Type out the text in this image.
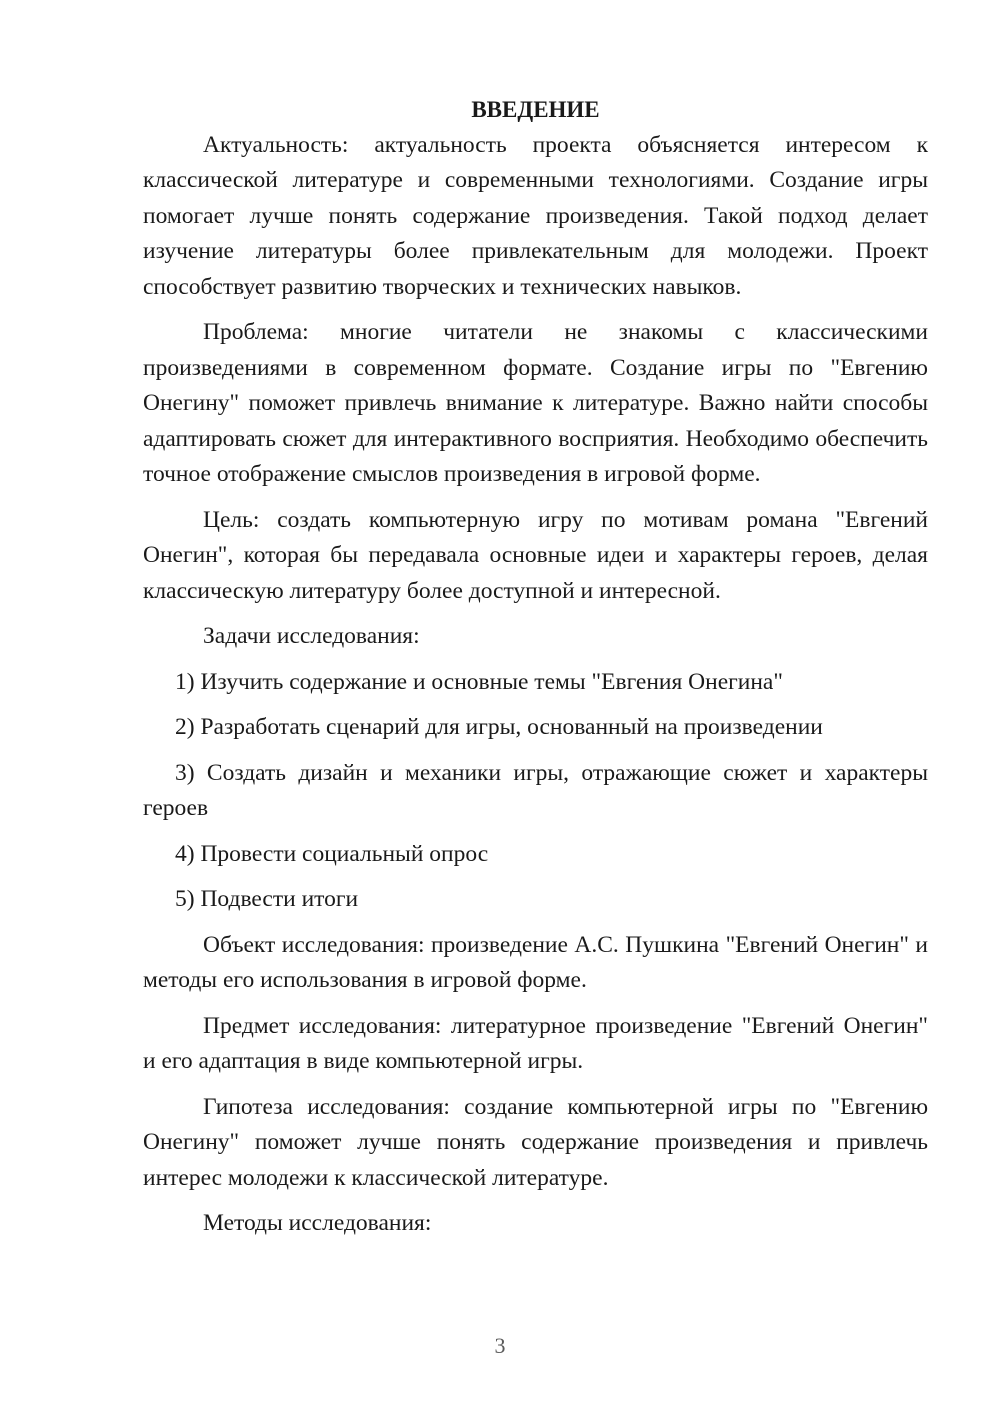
ВВЕДЕНИЕ

Актуальность: актуальность проекта объясняется интересом к классической литературе и современными технологиями. Создание игры помогает лучше понять содержание произведения. Такой подход делает изучение литературы более привлекательным для молодежи. Проект способствует развитию творческих и технических навыков.

Проблема: многие читатели не знакомы с классическими произведениями в современном формате. Создание игры по "Евгению Онегину" поможет привлечь внимание к литературе. Важно найти способы адаптировать сюжет для интерактивного восприятия. Необходимо обеспечить точное отображение смыслов произведения в игровой форме.

Цель: создать компьютерную игру по мотивам романа "Евгений Онегин", которая бы передавала основные идеи и характеры героев, делая классическую литературу более доступной и интересной.

Задачи исследования:

1) Изучить содержание и основные темы "Евгения Онегина"

2) Разработать сценарий для игры, основанный на произведении

3) Создать дизайн и механики игры, отражающие сюжет и характеры героев

4) Провести социальный опрос

5) Подвести итоги

Объект исследования: произведение А.С. Пушкина "Евгений Онегин" и методы его использования в игровой форме.

Предмет исследования: литературное произведение "Евгений Онегин" и его адаптация в виде компьютерной игры.

Гипотеза исследования: создание компьютерной игры по "Евгению Онегину" поможет лучше понять содержание произведения и привлечь интерес молодежи к классической литературе.

Методы исследования:

3
